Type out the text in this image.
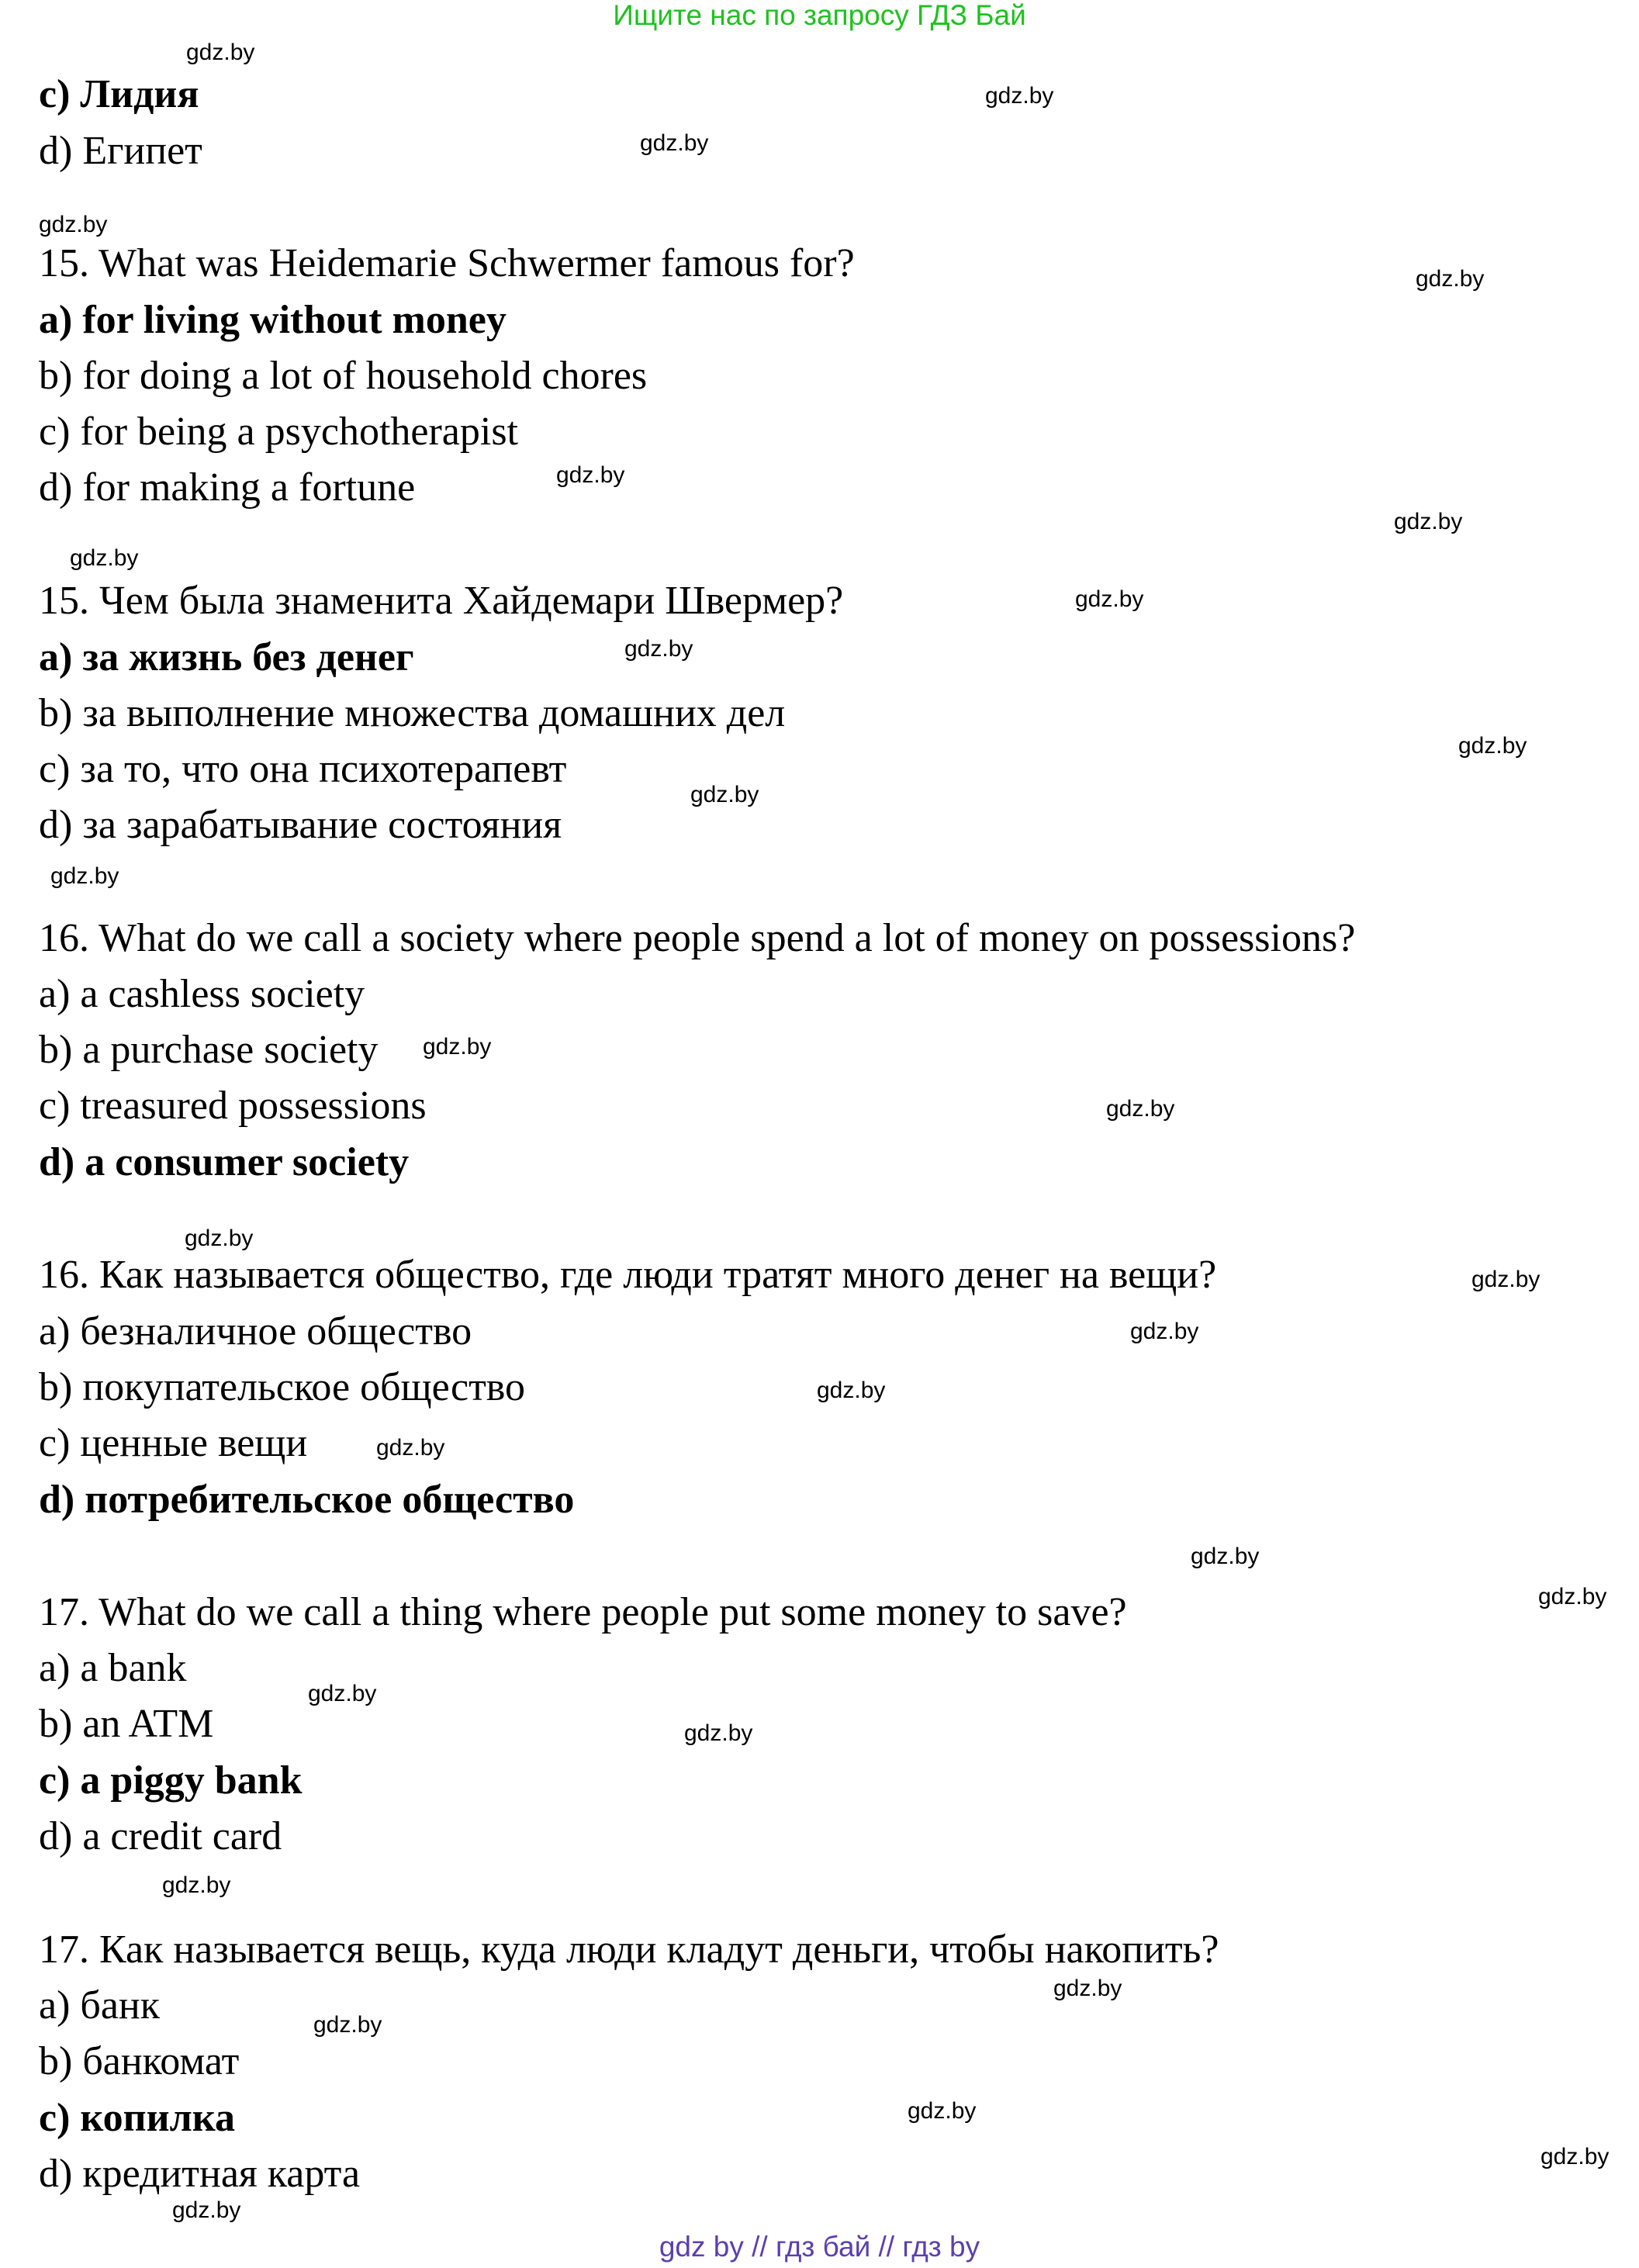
Ищите нас по запросу ГДЗ Бай
c) Лидия
d) Египет
15. What was Heidemarie Schwermer famous for?
a) for living without money
b) for doing a lot of household chores
c) for being a psychotherapist
d) for making a fortune
15. Чем была знаменита Хайдемари Швермер?
a) за жизнь без денег
b) за выполнение множества домашних дел
c) за то, что она психотерапевт
d) за зарабатывание состояния
16. What do we call a society where people spend a lot of money on possessions?
a) a cashless society
b) a purchase society
c) treasured possessions
d) a consumer society
16. Как называется общество, где люди тратят много денег на вещи?
a) безналичное общество
b) покупательское общество
c) ценные вещи
d) потребительское общество
17. What do we call a thing where people put some money to save?
a) a bank
b) an ATM
c) a piggy bank
d) a credit card
17. Как называется вещь, куда люди кладут деньги, чтобы накопить?
a) банк
b) банкомат
c) копилка
d) кредитная карта
gdz.by
gdz.by
gdz.by
gdz.by
gdz.by
gdz.by
gdz.by
gdz.by
gdz.by
gdz.by
gdz.by
gdz.by
gdz.by
gdz.by
gdz.by
gdz.by
gdz.by
gdz.by
gdz.by
gdz.by
gdz.by
gdz.by
gdz.by
gdz.by
gdz.by
gdz.by
gdz.by
gdz.by
gdz.by
gdz.by
gdz by // гдз бай // гдз by
